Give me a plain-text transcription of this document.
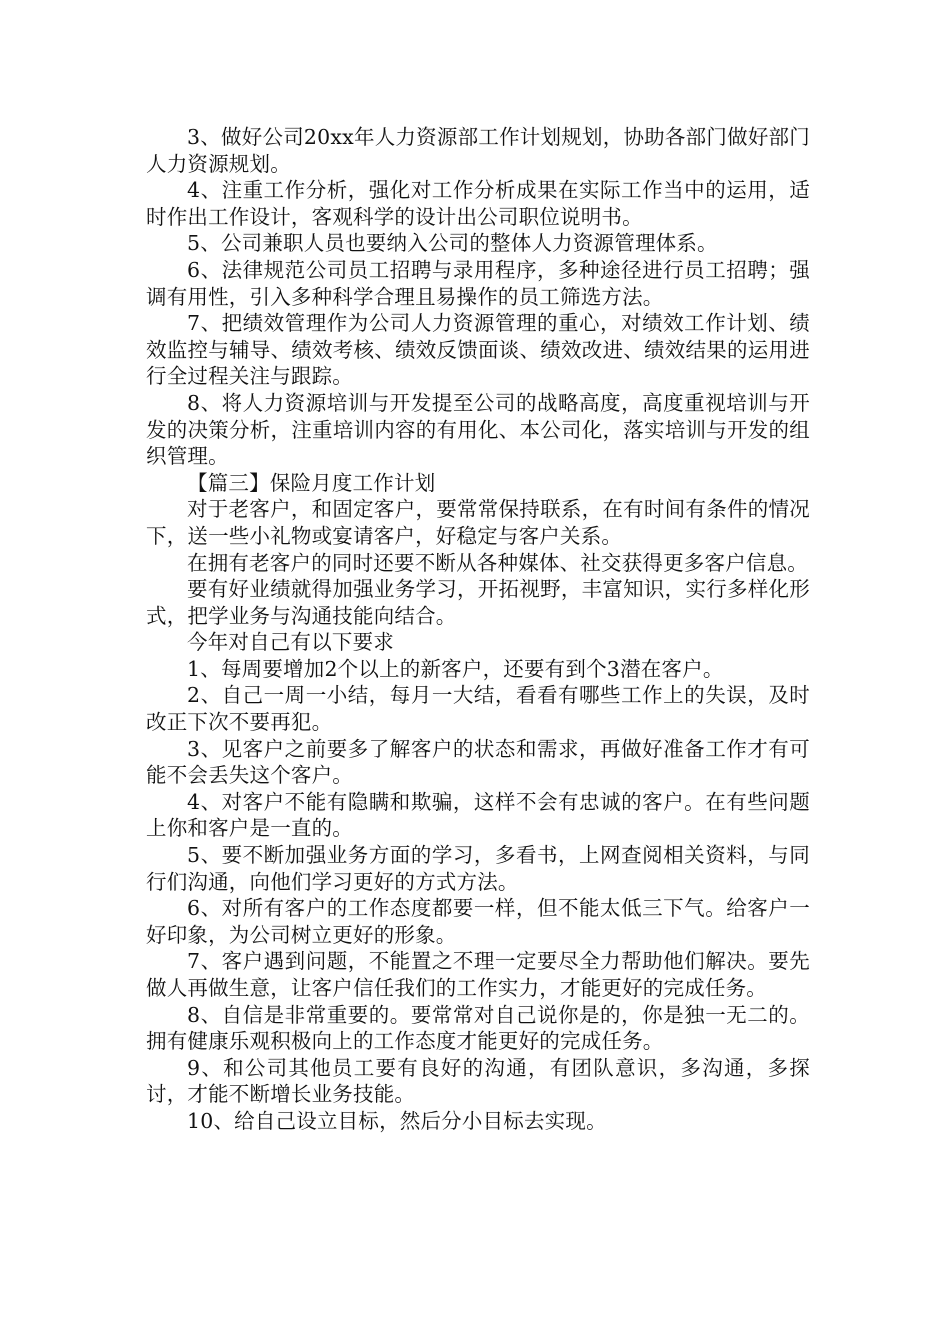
3、做好公司20xx年人力资源部工作计划规划，协助各部门做好部门人力资源规划。

4、注重工作分析，强化对工作分析成果在实际工作当中的运用，适时作出工作设计，客观科学的设计出公司职位说明书。

5、公司兼职人员也要纳入公司的整体人力资源管理体系。

6、法律规范公司员工招聘与录用程序，多种途径进行员工招聘；强调有用性，引入多种科学合理且易操作的员工筛选方法。

7、把绩效管理作为公司人力资源管理的重心，对绩效工作计划、绩效监控与辅导、绩效考核、绩效反馈面谈、绩效改进、绩效结果的运用进行全过程关注与跟踪。

8、将人力资源培训与开发提至公司的战略高度，高度重视培训与开发的决策分析，注重培训内容的有用化、本公司化，落实培训与开发的组织管理。

【篇三】保险月度工作计划

对于老客户，和固定客户，要常常保持联系，在有时间有条件的情况下，送一些小礼物或宴请客户，好稳定与客户关系。

在拥有老客户的同时还要不断从各种媒体、社交获得更多客户信息。

要有好业绩就得加强业务学习，开拓视野，丰富知识，实行多样化形式，把学业务与沟通技能向结合。

今年对自己有以下要求

1、每周要增加2个以上的新客户，还要有到个3潜在客户。

2、自己一周一小结，每月一大结，看看有哪些工作上的失误，及时改正下次不要再犯。

3、见客户之前要多了解客户的状态和需求，再做好准备工作才有可能不会丢失这个客户。

4、对客户不能有隐瞒和欺骗，这样不会有忠诚的客户。在有些问题上你和客户是一直的。

5、要不断加强业务方面的学习，多看书，上网查阅相关资料，与同行们沟通，向他们学习更好的方式方法。

6、对所有客户的工作态度都要一样，但不能太低三下气。给客户一好印象，为公司树立更好的形象。

7、客户遇到问题，不能置之不理一定要尽全力帮助他们解决。要先做人再做生意，让客户信任我们的工作实力，才能更好的完成任务。

8、自信是非常重要的。要常常对自己说你是的，你是独一无二的。拥有健康乐观积极向上的工作态度才能更好的完成任务。

9、和公司其他员工要有良好的沟通，有团队意识，多沟通，多探讨，才能不断增长业务技能。

10、给自己设立目标，然后分小目标去实现。
